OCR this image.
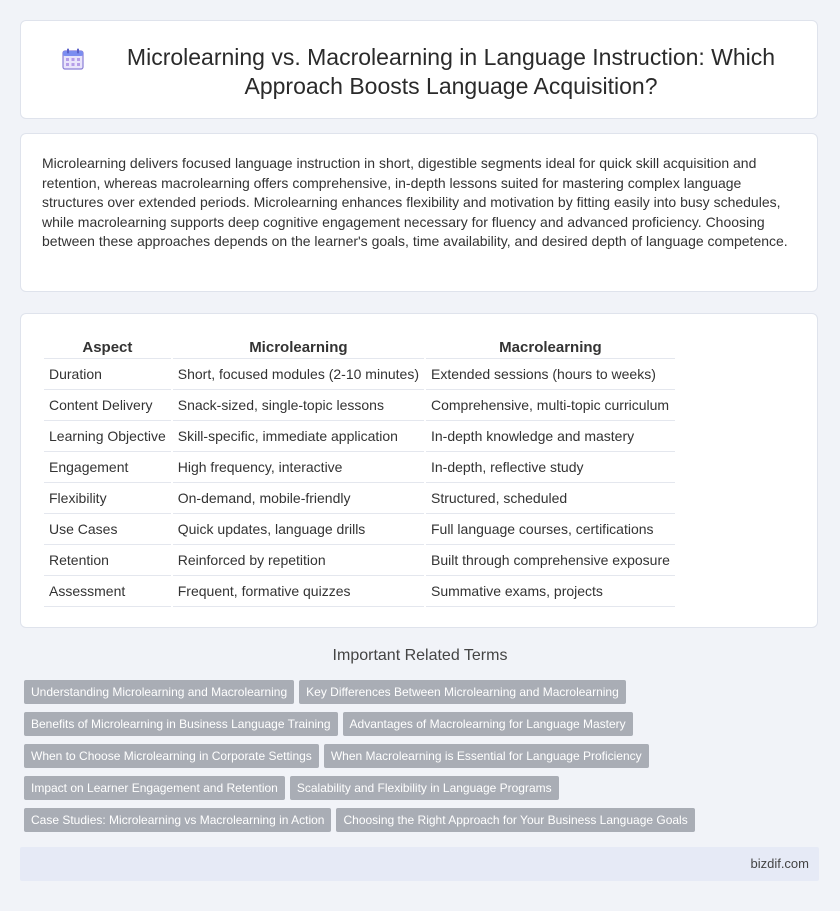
Microlearning vs. Macrolearning in Language Instruction: Which Approach Boosts Language Acquisition?

Microlearning delivers focused language instruction in short, digestible segments ideal for quick skill acquisition and retention, whereas macrolearning offers comprehensive, in-depth lessons suited for mastering complex language structures over extended periods. Microlearning enhances flexibility and motivation by fitting easily into busy schedules, while macrolearning supports deep cognitive engagement necessary for fluency and advanced proficiency. Choosing between these approaches depends on the learner's goals, time availability, and desired depth of language competence.

Aspect	Microlearning	Macrolearning
Duration	Short, focused modules (2-10 minutes)	Extended sessions (hours to weeks)
Content Delivery	Snack-sized, single-topic lessons	Comprehensive, multi-topic curriculum
Learning Objective	Skill-specific, immediate application	In-depth knowledge and mastery
Engagement	High frequency, interactive	In-depth, reflective study
Flexibility	On-demand, mobile-friendly	Structured, scheduled
Use Cases	Quick updates, language drills	Full language courses, certifications
Retention	Reinforced by repetition	Built through comprehensive exposure
Assessment	Frequent, formative quizzes	Summative exams, projects
Important Related Terms
Understanding Microlearning and Macrolearning Key Differences Between Microlearning and Macrolearning
Benefits of Microlearning in Business Language Training Advantages of Macrolearning for Language Mastery
When to Choose Microlearning in Corporate Settings When Macrolearning is Essential for Language Proficiency
Impact on Learner Engagement and Retention Scalability and Flexibility in Language Programs
Case Studies: Microlearning vs Macrolearning in Action Choosing the Right Approach for Your Business Language Goals
bizdif.com
